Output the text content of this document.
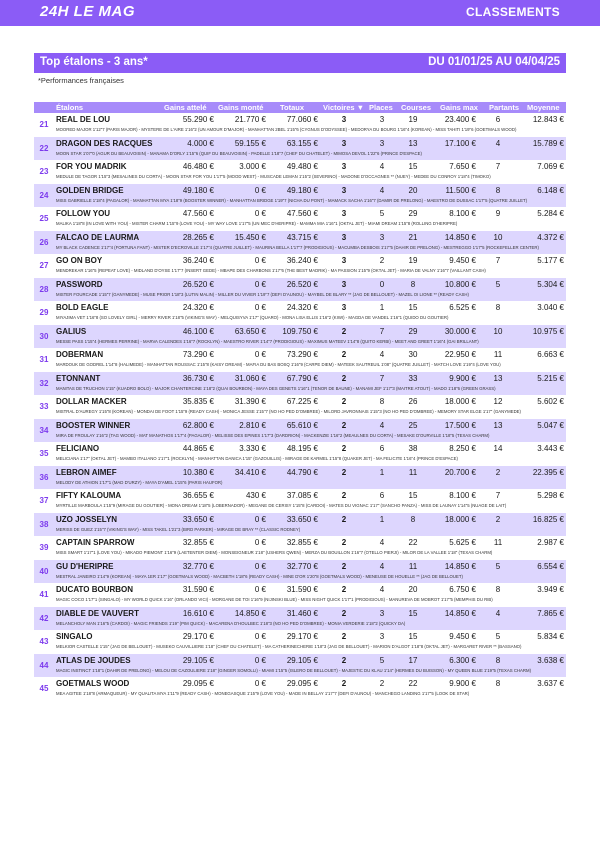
24H LE MAG	CLASSEMENTS
Top étalons - 3 ans*	DU 01/01/25 AU 04/04/25
*Performances françaises
Étalons	Gains attelé Gains monté Totaux	Victoires ▼ Places Courses Gains max Partants Moyenne
21
REAL DE LOU	55.290 €	21.770 €	77.060 €	3	3	19	23.400 €	6	12.843 €
MOORED MAJOR 1'12"7 (PARIS MAJOR) - MYSTERE DE L'AIRE 1'16"2 (UN AMOUR D'MAJOR) - MANHATTAN 2BEL 1'15"6 (CYGNUS D'ODYSSEE) - MEDORYA DU BOURG 1'16"4 (KOREAN) - MISS TAHITI 1'19"6 (GOETMALS WOOD)
22
DRAGON DES RACQUES	4.000 €	59.155 €	63.155 €	3	3	13	17.100 €	4	15.789 €
MOON STAR 1'07"0 (AGUR DU BEAUVOISIN) - MANAMA D'ORLY 1'15"6 (QUIF DU BEAUVOISIN) - PADELLE 1'18"7 (CHEF DU CHATELET) - MIMOSA DEVOL 1'22"6 (PRINCE D'ESPACE)
23
FOR YOU MADRIK	46.480 €	3.000 €	49.480 €	3	4	15	7.650 €	7	7.069 €
MEDULE DE TAGOR 1'15"3 (MESALINES DU CORTA) - MOON STAR FOR YOU 1'17"5 (MOOD WEST) - MUSCADE LEMAN 1'15"2 (SEVERINO) - MADONE D'OCCAGNES ** (NUEY) - MEDEE DU CONROY 1'18"4 (TIMOKO)
24
GOLDEN BRIDGE	49.180 €	0 €	49.180 €	3	4	20	11.500 €	8	6.148 €
MISS GABRIELLE 1'18"4 (PAGALOR) - MANHATTAN MYA 1'18"9 (BOOSTER WINNER) - MANHATTAN BRIDGE 1'19"7 (NICHA DU PONT) - MAMACK SACHA 1'16"7 (DAMIR DE PRELONG) - MAESTRO DE DUSSAC 1'17"5 (QUATRE JUILLET)
25
FOLLOW YOU	47.560 €	0 €	47.560 €	3	5	29	8.100 €	9	5.284 €
MALIKA 1'18"8 (IN LOVE WITH YOU) - MISTER CHARM 1'15"9 (LOVE YOU) - MY WAY LOVE 1'17"5 (UN MEC D'HERIPRE) - MAMMA MIA 1'16"1 (OKTAL JET) - MIAMI DREAM 1'15"8 (ROLLING D'HERIPRE)
26
FALCAO DE LAURMA	28.265 €	15.450 €	43.715 €	3	3	21	14.850 €	10	4.372 €
MY BLACK CADENCE 1'17"4 (FORTUNA FANT) - MISTER D'ECROVILLE 1'17"4 (QUATRE JUILLET) - MAURINA BELLA 1'17"7 (PRODIGIOUS) - MACUMBA DESBOIS 1'17"5 (DAHIR DE PRELONG) - MESTREGGO 1'17"5 (ROCKEFELLER CENTER)
27
GO ON BOY	36.240 €	0 €	36.240 €	3	2	19	9.450 €	7	5.177 €
MENDREKAR 1'16"5 (REPEAT LOVE) - MIDLAND D'OYSE 1'17"7 (INSERT GEDE) - MBAPE DES CHARBONS 1'17"6 (THE BEST MADRIK) - MA PASSION 1'15"9 (OKTAL JET) - MARIA DE VALNY 1'16"7 (VAILLANT CASH)
28
PASSWORD	26.520 €	0 €	26.520 €	3	0	8	10.800 €	5	5.304 €
MISTER FOURCADE 1'15"7 (GANYMEDE) - MUSE PRIOR 1'18"3 (LUTIN MALIN) - MILLER DU VIVIER 1'19"7 (DEFI D'AUNOU) - MAYBEL DE BLARY ** (JAG DE BELLOUET) - MAZEL OI LIONE ** (READY CASH)
29
BOLD EAGLE	24.320 €	0 €	24.320 €	3	1	15	6.525 €	8	3.040 €
MIYAJIMA VET 1'16"8 (SO LOVELY GIRL) - MERRY RIVER 1'18"5 (VIKING'S WAY) - MELQUISYVA 1'17" (QUARO) - MONA LISA ELLIS 1'16"2 (KIWI) - MAGDA DE VANDEL 1'16"1 (QUIDO DU GOUTIER)
30
GALIUS	46.100 €	63.650 €	109.750 €	2	7	29	30.000 €	10	10.975 €
MESSE PASS 1'15"4 (HERMES PERRINE) - MARVA CALENDES 1'16"7 (ROCKLYN) - MAESTRO RIVER 1'14"7 (PRODIGIOUS) - MAXIMUS MATEEV 1'14"8 (QUITO KERBI) - MEET AND GREET 1'16"4 (GAI BRILLANT)
31
DOBERMAN	73.290 €	0 €	73.290 €	2	4	30	22.950 €	11	6.663 €
MARDOUK DE GODREL 1'14"8 (HALIMEDE) - MANHATTAN ROUSSAC 1'15"8 (KAISY DREAM) - MAFIA DU BAS BOSQ 1'16"9 (CARPE DIEM) - MATEEK SAUTREUIL 1'08" (QUATRE JUILLET) - MATCH LOVE 1'19"4 (LOVE YOU)
32
ETONNANT	36.730 €	31.060 €	67.790 €	2	7	33	9.900 €	13	5.215 €
MANITAS DE TRUCHON 1'15" (KUADRO BOLO) - MAJOR CHANTERCINE 1'18"2 (QUAI BOURBON) - MAYA DES GENETS 1'16"1 (TENOR DE BAUNE) - MANAMI JEF 1'17"3 (MAITRE ATOUT) - MADO 1'18"6 (GREEN GRASS)
33
DOLLAR MACKER	35.835 €	31.390 €	67.225 €	2	8	26	18.000 €	12	5.602 €
MISTRAL D'AUREGY 1'15"8 (KOREAN) - MONDAI DE FOOT 1'15"9 (READY CASH) - MONICA JESSE 1'15"7 (NO HO PED D'OMBREE) - MILORD JAVRONNAIS 1'15"3 (NO HO PED D'OMBREE) - MEMORY STAR ELGE 1'17" (GANYMEDE)
34
BOOSTER WINNER	62.800 €	2.810 €	65.610 €	2	4	25	17.500 €	13	5.047 €
MIRA DE FROULAY 1'16"2 (TAG WOOD) - MAT MANATHOS 1'17"4 (PAGALOR) - MELISSE DES EPINES 1'17"3 (DARDRION) - MACKENZIE 1'16"2 (MEAULNES DU CORTA) - MESAKE D'OURVILLE 1'18"5 (TEXAS CHARM)
35
FELICIANO	44.865 €	3.330 €	48.195 €	2	6	38	8.250 €	14	3.443 €
MELICIANA 1'17" (OKTAL JET) - MAMBO ITALIANO 1'17"1 (ROCKLYN) - MANHATTAN DANICA 1'15" (GAZOUILLIS) - MIRAGE DE KARMEL 1'15"8 (QUAKER JET) - MA FELICITE 1'16"4 (PRINCE D'ESPACE)
36
LEBRON AIMEF	10.380 €	34.410 €	44.790 €	2	1	11	20.700 €	2	22.395 €
MELODY DE ATHION 1'17"1 (MAD D'URZY) - MAYA D'AMEL 1'15"6 (PARIS HAUFOR)
37
FIFTY KALOUMA	36.655 €	430 €	37.085 €	2	6	15	8.100 €	7	5.298 €
MYRTILLE MARBOULA 1'15"9 (MIRAGE DU GOUTIER) - MONA DREAM 1'18"5 (LOBERNADOR) - MEGANE DE CERISY 1'15"8 (CARDOI) - MATES DU VIGNAC 1'17" (SANCHO PANZA) - MISS DE LAUNAY 1'14"5 (NUAGE DE LAIT)
38
UZO JOSSELYN	33.650 €	0 €	33.650 €	2	1	8	18.000 €	2	16.825 €
MERISS DE GUEZ 1'15"7 (VIKING'S WAY) - MISS TAKEL 1'21"3 (BIRD PARKER) - MIRAGE DE BRAY ** (CLASSIC RODNEY)
39
CAPTAIN SPARROW	32.855 €	0 €	32.855 €	2	4	22	5.625 €	11	2.987 €
MISS SMART 1'17"1 (LOVE YOU) - MIKADO PIEMONT 1'16"9 (LAETENTER DIEM) - MONSEIGNEUR 1'18" (USHERS QWEN) - MERZA DU BOUILLON 1'16"7 (OTELLO PIERJI) - MILOR DE LA VALLEE 1'18" (TEXAS CHARM)
40
GU D'HERIPRE	32.770 €	0 €	32.770 €	2	4	11	14.850 €	5	6.554 €
MESTRAL JANEIRO 1'14"9 (KOREAN) - MAYA 1ER 1'17" (GOETMALS WOOD) - MACBETH 1'18"6 (READY CASH) - MINE D'OR 1'20"8 (GOETMALS WOOD) - MENEUSE DE HOUELLE ** (JAG DE BELLOUET)
41
DUCATO BOURBON	31.590 €	0 €	31.590 €	2	4	20	6.750 €	8	3.949 €
MAGIC COCO 1'17"1 (SINGALO) - MY WORLD QUICK 1'16" (ORLANDO VICI) - MORGANE DE TOI 1'16"9 (NIJINSKI BLUE) - MISS NIGHT QUICK 1'17"1 (PRODIGIOUS) - MANUREVA DE MOBROT 1'17"5 (MEMPHIS DU RIB)
42
DIABLE DE VAUVERT	16.610 €	14.850 €	31.460 €	2	3	15	14.850 €	4	7.865 €
MELANCHOLY MAN 1'16"5 (CARDOI) - MAGIC FRIENDS 1'19" (PIM QUICK) - MACARENA D'HOULBEC 1'18"3 (NO HO PED D'OMBREE) - MONIA VERDERIE 1'18"2 (QUICKY DA)
43
SINGALO	29.170 €	0 €	29.170 €	2	3	15	9.450 €	5	5.834 €
MELKIOR CASTELLE 1'15" (JAG DE BELLOUET) - MUSEKO CAUVILLIERE 1'18" (CHEF DU CHATELET) - MA CATHERINECHERIE 1'18"3 (JAG DE BELLOUET) - MARION D'ALGOT 1'18"8 (OKTAL JET) - MARGARET RIVER ** (BASSANO)
44
ATLAS DE JOUDES	29.105 €	0 €	29.105 €	2	5	17	6.300 €	8	3.638 €
MAGIC INSTINCT 1'18"1 (DAHIR DE PRELONG) - MELOU DE CAZOULIERE 1'18" (GINGER SOMOLLI) - MIAMI 1'15"5 (ISLERO DE BELLOUET) - MAJESTIC DU KLAU 1'14" (HERMES DU BUISSON) - MY QUEEN BLUE 1'19"5 (TEXAS CHARM)
45
GOETMALS WOOD	29.095 €	0 €	29.095 €	2	2	22	9.900 €	8	3.637 €
MEA AGITEE 1'18"8 (ARMAQUEUR) - MY QUALITA MYA 1'11"9 (READY CASH) - MONEGASQUE 1'15"9 (LOVE YOU) - MADE IN BELLAY 1'17"7 (DEFI D'AUNOU) - MANCHEGO LANDING 1'17"5 (LOOK DE STAR)
